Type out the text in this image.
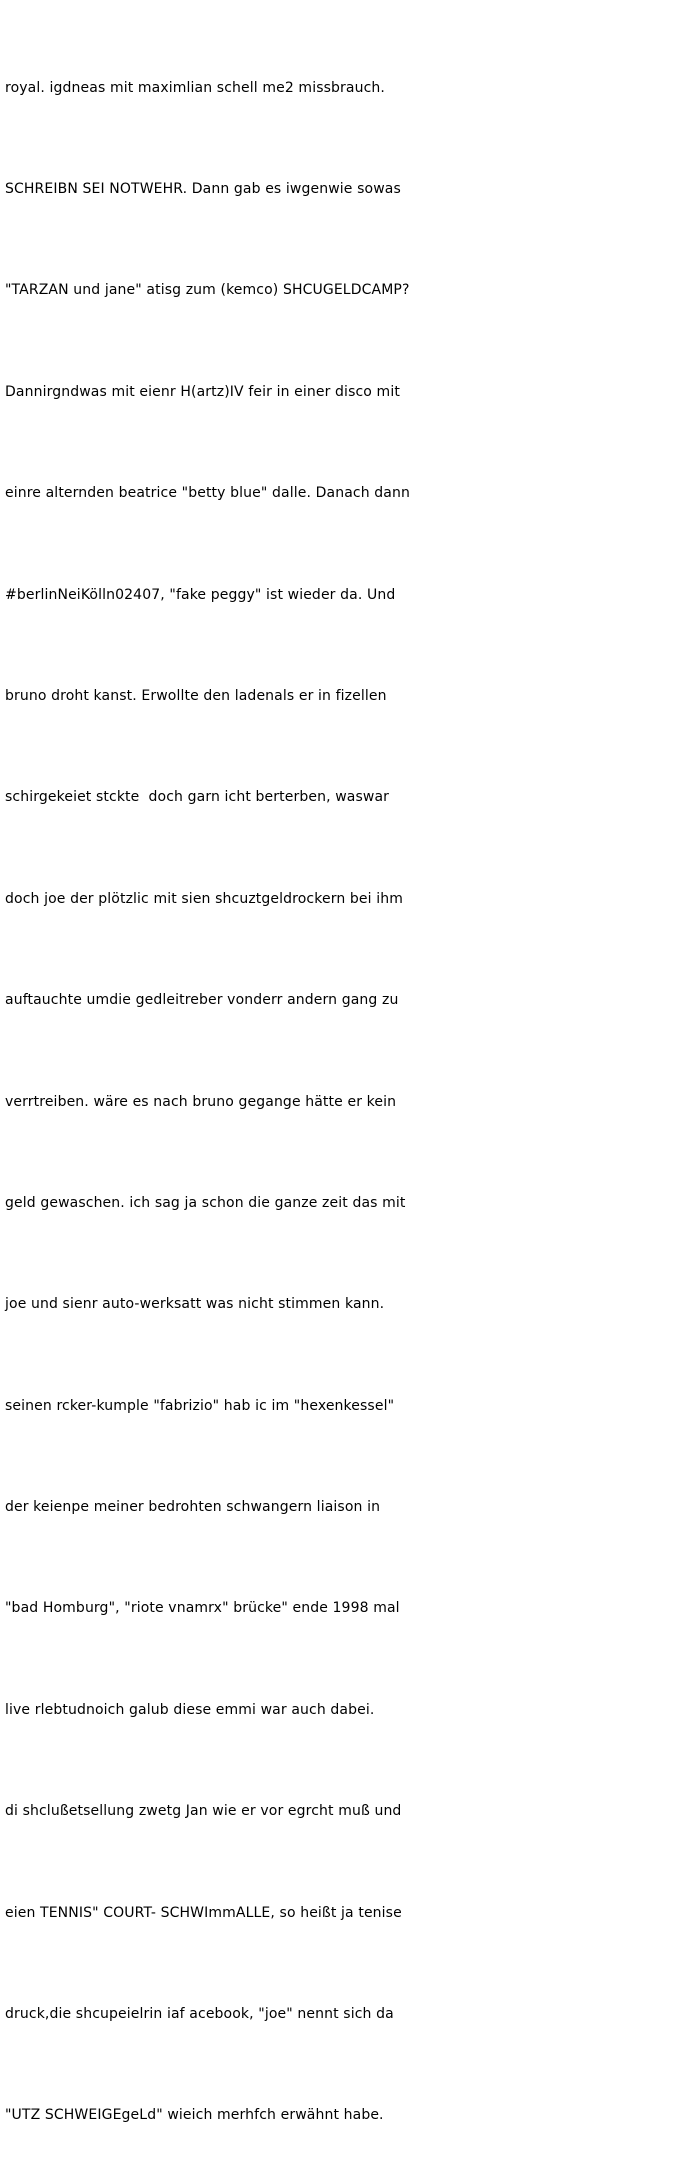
royal. igdneas mit maximlian schell me2 missbrauch.

SCHREIBN SEI NOTWEHR. Dann gab es iwgenwie sowas

"TARZAN und jane" atisg zum (kemco) SHCUGELDCAMP?

Dannirgndwas mit eienr H(artz)IV feir in einer disco mit

einre alternden beatrice "betty blue" dalle. Danach dann

#berlinNeiKölln02407, "fake peggy" ist wieder da. Und

bruno droht kanst. Erwollte den ladenals er in fizellen

schirgekeiet stckte  doch garn icht berterben, waswar

doch joe der plötzlic mit sien shcuztgeldrockern bei ihm

auftauchte umdie gedleitreber vonderr andern gang zu

verrtreiben. wäre es nach bruno gegange hätte er kein

geld gewaschen. ich sag ja schon die ganze zeit das mit

joe und sienr auto-werksatt was nicht stimmen kann.

seinen rcker-kumple "fabrizio" hab ic im "hexenkessel"

der keienpe meiner bedrohten schwangern liaison in

"bad Homburg", "riote vnamrx" brücke" ende 1998 mal

live rlebtudnoich galub diese emmi war auch dabei.

di shclußetsellung zwetg Jan wie er vor egrcht muß und

eien TENNIS" COURT- SCHWImmALLE, so heißt ja tenise

druck,die shcupeielrin iaf acebook, "joe" nennt sich da

"UTZ SCHWEIGEgeLd" wieich merhfch erwähnt habe.
